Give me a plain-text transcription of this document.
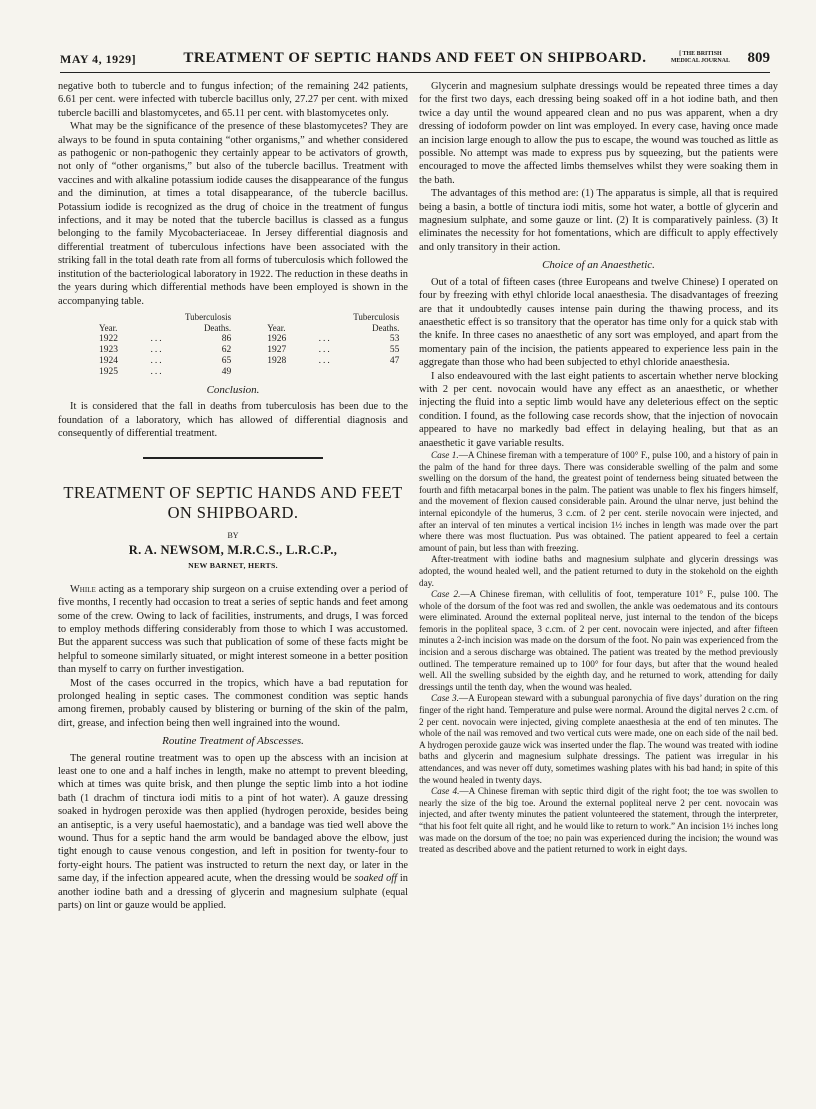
MAY 4, 1929]	TREATMENT OF SEPTIC HANDS AND FEET ON SHIPBOARD.	[ THE BRITISH
MEDICAL JOURNAL 809

negative both to tubercle and to fungus infection; of the remaining 242 patients, 6.61 per cent. were infected with tubercle bacillus only, 27.27 per cent. with mixed tubercle bacilli and blastomycetes, and 65.11 per cent. with blastomycetes only.

What may be the significance of the presence of these blastomycetes? They are always to be found in sputa containing “other organisms,” and whether considered as pathogenic or non-pathogenic they certainly appear to be activators of growth, not only of “other organisms,” but also of the tubercle bacillus. Treatment with vaccines and with alkaline potassium iodide causes the disappearance of the fungus and the diminution, at times a total disappearance, of the tubercle bacillus. Potassium iodide is recognized as the drug of choice in the treatment of fungus infections, and it may be noted that the tubercle bacillus is classed as a fungus belonging to the family Mycobacteriaceae. In Jersey differential diagnosis and differential treatment of tuberculous infections have been associated with the striking fall in the total death rate from all forms of tuberculosis which followed the institution of the bacteriological laboratory in 1922. The reduction in these deaths in the years during which differential methods have been employed is shown in the accompanying table.

		Tuberculosis				Tuberculosis
Year.		Deaths.		Year.		Deaths.
1922	...	86		1926	...	53
1923	...	62		1927	...	55
1924	...	65		1928	...	47
1925	...	49				
Conclusion.

It is considered that the fall in deaths from tuberculosis has been due to the foundation of a laboratory, which has allowed of differential diagnosis and consequently of differential treatment.

TREATMENT OF SEPTIC HANDS AND FEET ON SHIPBOARD.
BY
R. A. NEWSOM, M.R.C.S., L.R.C.P.,
NEW BARNET, HERTS.

While acting as a temporary ship surgeon on a cruise extending over a period of five months, I recently had occasion to treat a series of septic hands and feet among some of the crew. Owing to lack of facilities, instruments, and drugs, I was forced to employ methods differing considerably from those to which I was accustomed. But the apparent success was such that publication of some of these facts might be helpful to someone similarly situated, or might interest someone in a better position than myself to carry on further investigation.

Most of the cases occurred in the tropics, which have a bad reputation for prolonged healing in septic cases. The commonest condition was septic hands among firemen, probably caused by blistering or burning of the skin of the palm, dirt, grease, and infection being then well ingrained into the wound.

Routine Treatment of Abscesses.

The general routine treatment was to open up the abscess with an incision at least one to one and a half inches in length, make no attempt to prevent bleeding, which at times was quite brisk, and then plunge the septic limb into a hot iodine bath (1 drachm of tinctura iodi mitis to a pint of hot water). A gauze dressing soaked in hydrogen peroxide was then applied (hydrogen peroxide, besides being an antiseptic, is a very useful haemostatic), and a bandage was tied well above the wound. Thus for a septic hand the arm would be bandaged above the elbow, just tight enough to cause venous congestion, and left in position for twenty-four to forty-eight hours. The patient was instructed to return the next day, or later in the same day, if the infection appeared acute, when the dressing would be soaked off in another iodine bath and a dressing of glycerin and magnesium sulphate (equal parts) on lint or gauze would be applied.

Glycerin and magnesium sulphate dressings would be repeated three times a day for the first two days, each dressing being soaked off in a hot iodine bath, and then twice a day until the wound appeared clean and no pus was apparent, when a dry dressing of iodoform powder on lint was employed. In every case, having once made an incision large enough to allow the pus to escape, the wound was touched as little as possible. No attempt was made to express pus by squeezing, but the patients were encouraged to move the affected limbs themselves whilst they were soaking them in the bath.

The advantages of this method are: (1) The apparatus is simple, all that is required being a basin, a bottle of tinctura iodi mitis, some hot water, a bottle of glycerin and magnesium sulphate, and some gauze or lint. (2) It is comparatively painless. (3) It eliminates the necessity for hot fomentations, which are difficult to apply effectively and only transitory in their action.

Choice of an Anaesthetic.

Out of a total of fifteen cases (three Europeans and twelve Chinese) I operated on four by freezing with ethyl chloride local anaesthesia. The disadvantages of freezing are that it undoubtedly causes intense pain during the thawing process, and its anaesthetic effect is so transitory that the operator has time only for a quick stab with the knife. In three cases no anaesthetic of any sort was employed, and apart from the momentary pain of the incision, the patients appeared to experience less pain in the aggregate than those who had been subjected to ethyl chloride anaesthesia.

I also endeavoured with the last eight patients to ascertain whether nerve blocking with 2 per cent. novocain would have any effect as an anaesthetic, or whether injecting the fluid into a septic limb would have any deleterious effect on the septic condition. I found, as the following case records show, that the injection of novocain appeared to have no markedly bad effect in delaying healing, but that as an anaesthetic it gave variable results.

Case 1.—A Chinese fireman with a temperature of 100° F., pulse 100, and a history of pain in the palm of the hand for three days. There was considerable swelling of the palm and some swelling on the dorsum of the hand, the greatest point of tenderness being situated between the fourth and fifth metacarpal bones in the palm. The patient was unable to flex his fingers himself, and the movement of flexion caused considerable pain. Around the ulnar nerve, just behind the internal epicondyle of the humerus, 3 c.cm. of 2 per cent. sterile novocain were injected, and after an interval of ten minutes a vertical incision 1½ inches in length was made over the part where there was most fluctuation. Pus was obtained. The patient appeared to feel a certain amount of pain, but less than with freezing.

After-treatment with iodine baths and magnesium sulphate and glycerin dressings was adopted, the wound healed well, and the patient returned to duty in the stokehold on the eighth day.

Case 2.—A Chinese fireman, with cellulitis of foot, temperature 101° F., pulse 100. The whole of the dorsum of the foot was red and swollen, the ankle was oedematous and its contours were eliminated. Around the external popliteal nerve, just internal to the tendon of the biceps femoris in the popliteal space, 3 c.cm. of 2 per cent. novocain were injected, and after fifteen minutes a 2-inch incision was made on the dorsum of the foot. No pain was experienced from the incision and a serous discharge was obtained. The patient was treated by the method previously outlined. The temperature remained up to 100° for four days, but after that the wound healed well. All the swelling subsided by the eighth day, and he returned to work, attending for daily dressings until the tenth day, when the wound was healed.

Case 3.—A European steward with a subungual paronychia of five days’ duration on the ring finger of the right hand. Temperature and pulse were normal. Around the digital nerves 2 c.cm. of 2 per cent. novocain were injected, giving complete anaesthesia at the end of ten minutes. The whole of the nail was removed and two vertical cuts were made, one on each side of the nail bed. A hydrogen peroxide gauze wick was inserted under the flap. The wound was treated with iodine baths and glycerin and magnesium sulphate dressings. The patient was irregular in his attendances, and was never off duty, sometimes washing plates with his bad hand; in spite of this the wound healed in twenty days.

Case 4.—A Chinese fireman with septic third digit of the right foot; the toe was swollen to nearly the size of the big toe. Around the external popliteal nerve 2 per cent. novocain was injected, and after twenty minutes the patient volunteered the statement, through the interpreter, “that his foot felt quite all right, and he would like to return to work.” An incision 1½ inches long was made on the dorsum of the toe; no pain was experienced during the incision; the wound was treated as described above and the patient returned to work in eight days.
